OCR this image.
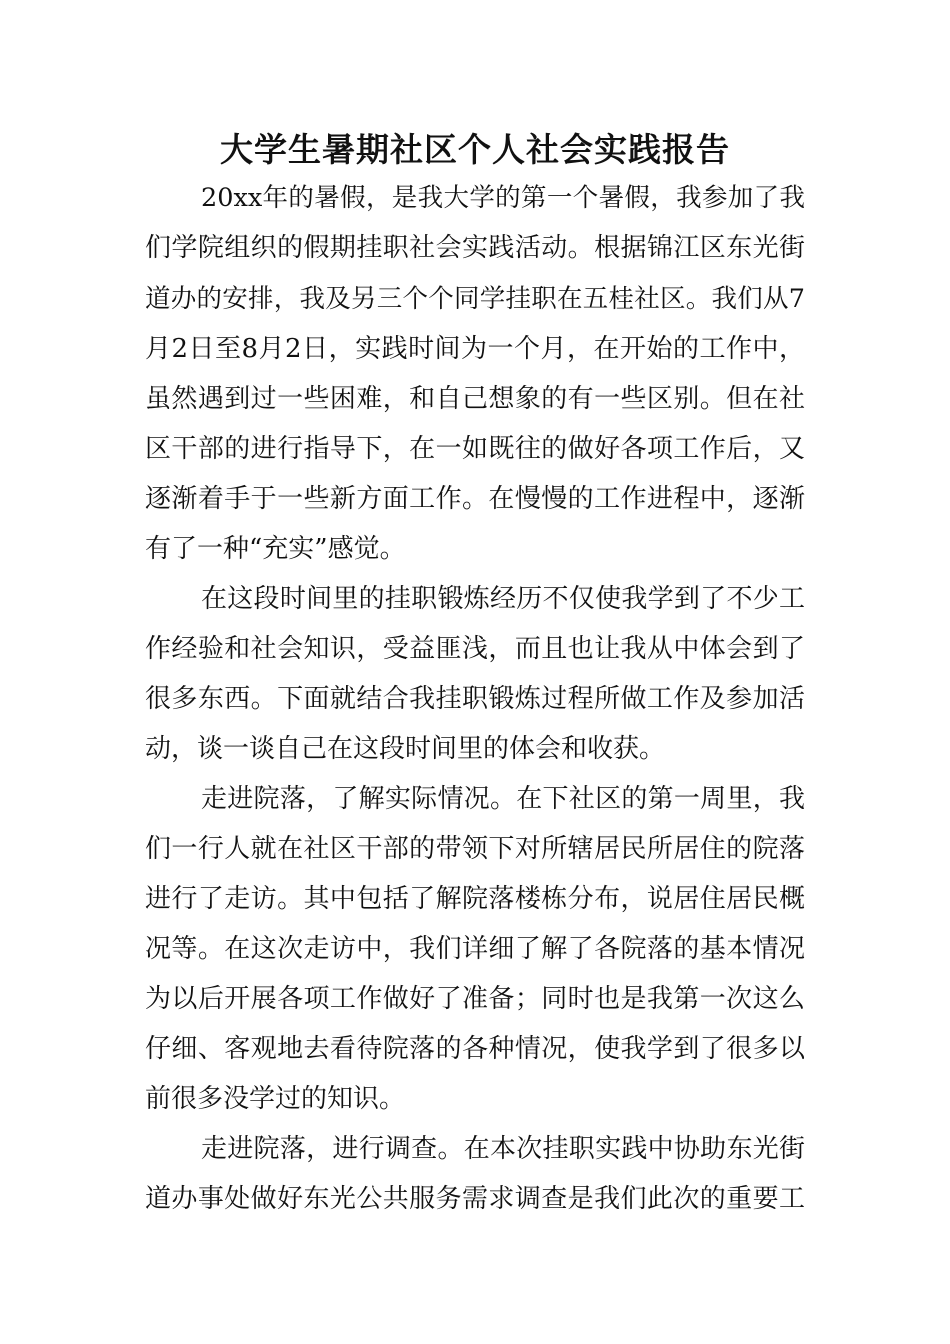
大学生暑期社区个人社会实践报告
20xx年的暑假，是我大学的第一个暑假，我参加了我
们学院组织的假期挂职社会实践活动。根据锦江区东光街
道办的安排，我及另三个个同学挂职在五桂社区。我们从7
月2日至8月2日，实践时间为一个月，在开始的工作中，
虽然遇到过一些困难，和自己想象的有一些区别。但在社
区干部的进行指导下，在一如既往的做好各项工作后，又
逐渐着手于一些新方面工作。在慢慢的工作进程中，逐渐
有了一种“充实”感觉。
在这段时间里的挂职锻炼经历不仅使我学到了不少工
作经验和社会知识，受益匪浅，而且也让我从中体会到了
很多东西。下面就结合我挂职锻炼过程所做工作及参加活
动，谈一谈自己在这段时间里的体会和收获。
走进院落，了解实际情况。在下社区的第一周里，我
们一行人就在社区干部的带领下对所辖居民所居住的院落
进行了走访。其中包括了解院落楼栋分布，说居住居民概
况等。在这次走访中，我们详细了解了各院落的基本情况
为以后开展各项工作做好了准备；同时也是我第一次这么
仔细、客观地去看待院落的各种情况，使我学到了很多以
前很多没学过的知识。
走进院落，进行调查。在本次挂职实践中协助东光街
道办事处做好东光公共服务需求调查是我们此次的重要工
